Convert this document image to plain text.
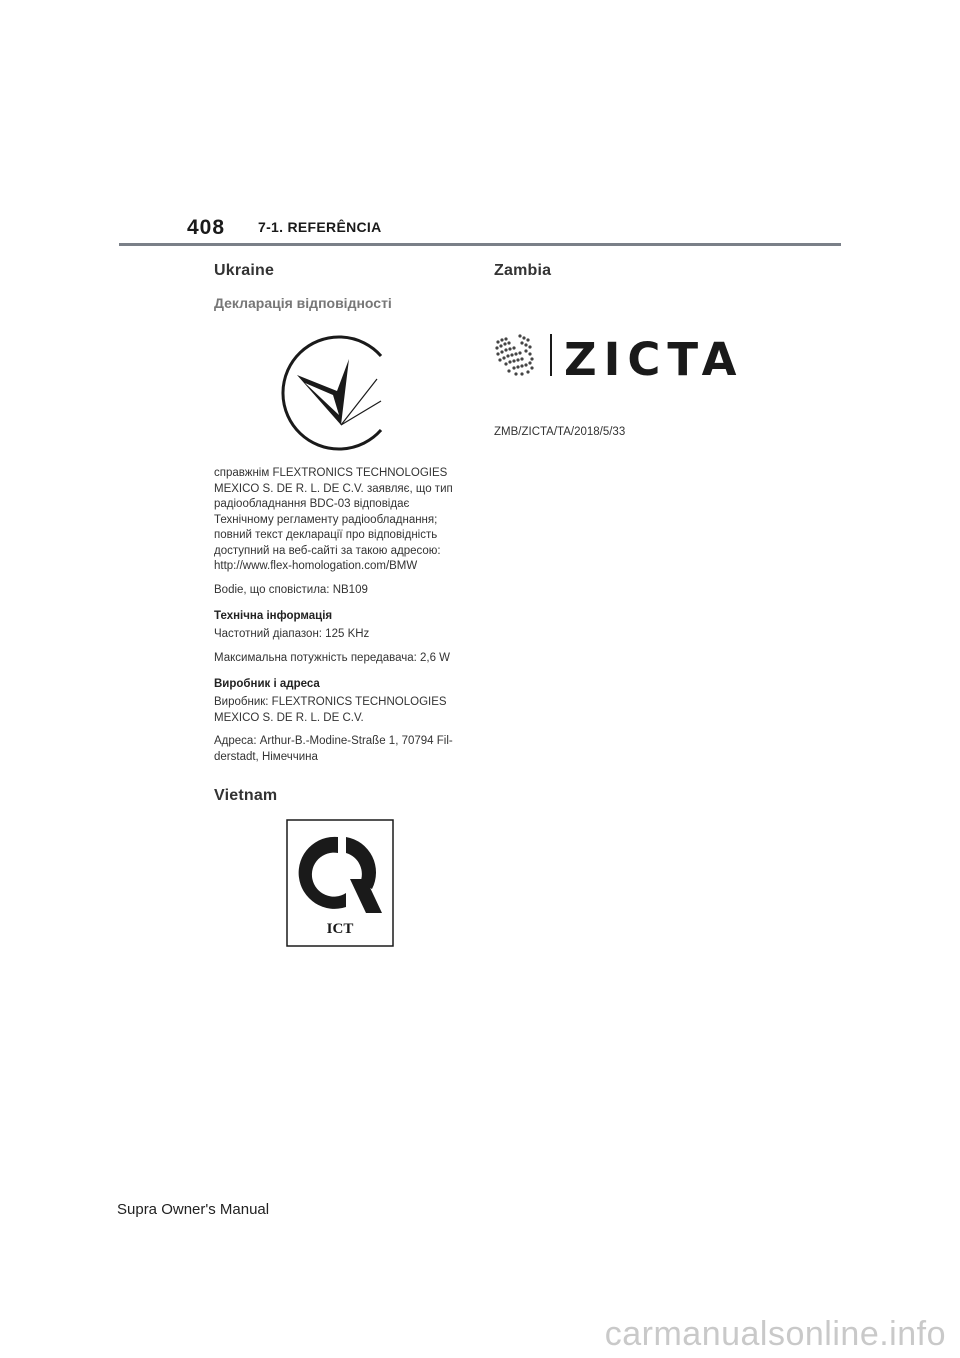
408 7-1. REFERÊNCIA
Ukraine
Декларація відповідності

справжнім FLEXTRONICS TECHNOLOGIES

MEXICO S. DE R. L. DE C.V. заявляє, що тип

радіообладнання BDC-03 відповідає

Технічному регламенту радіообладнання;

повний текст декларації про відповідність

доступний на веб-сайті за такою адресою:

http://www.flex-homologation.com/BMW

Bodie, що сповістила: NB109

Технічна інформація

Частотний діапазон: 125 KHz

Максимальна потужність передавача: 2,6 W

Виробник і адреса

Виробник: FLEXTRONICS TECHNOLOGIES

MEXICO S. DE R. L. DE C.V.

Адреса: Arthur-B.-Modine-Straße 1, 70794 Fil-

derstadt, Німеччина

Vietnam
ICT
Zambia
ZICTA

ZMB/ZICTA/TA/2018/5/33

Supra Owner's Manual
carmanualsonline.info
